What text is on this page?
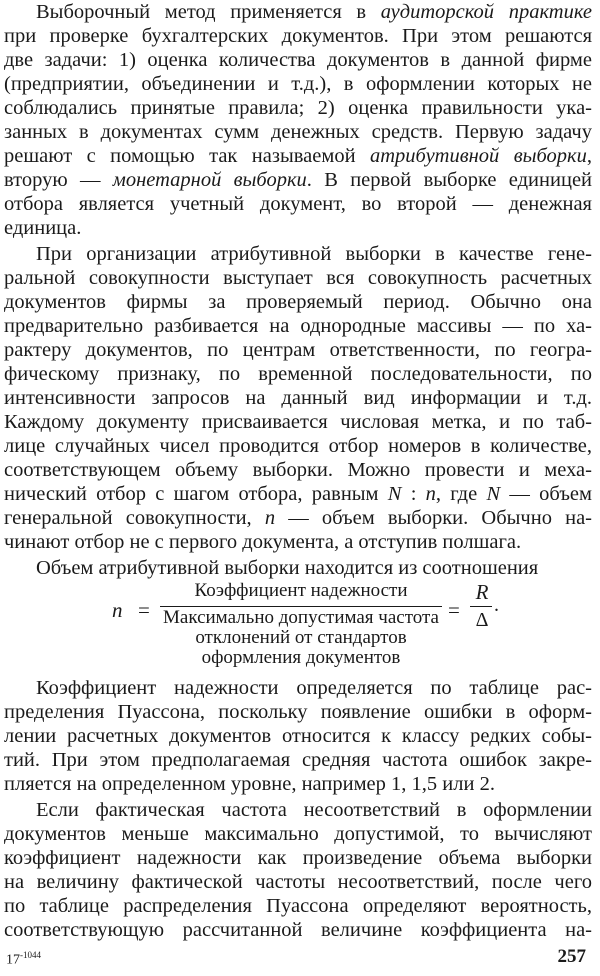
Выборочный метод применяется в аудиторской практике
при проверке бухгалтерских документов. При этом решаются
две задачи: 1) оценка количества документов в данной фирме
(предприятии, объединении и т.д.), в оформлении которых не
соблюдались принятые правила; 2) оценка правильности ука-
занных в документах сумм денежных средств. Первую задачу
решают с помощью так называемой атрибутивной выборки,
вторую — монетарной выборки. В первой выборке единицей
отбора является учетный документ, во второй — денежная
единица.
При организации атрибутивной выборки в качестве гене-
ральной совокупности выступает вся совокупность расчетных
документов фирмы за проверяемый период. Обычно она
предварительно разбивается на однородные массивы — по ха-
рактеру документов, по центрам ответственности, по геогра-
фическому признаку, по временной последовательности, по
интенсивности запросов на данный вид информации и т.д.
Каждому документу присваивается числовая метка, и по таб-
лице случайных чисел проводится отбор номеров в количестве,
соответствующем объему выборки. Можно провести и меха-
нический отбор с шагом отбора, равным N : n, где N — объем
генеральной совокупности, n — объем выборки. Обычно на-
чинают отбор не с первого документа, а отступив полшага.
Объем атрибутивной выборки находится из соотношения
n =
Коэффициент надежности
Максимально допустимая частота
отклонений от стандартов
оформления документов
=
R
Δ
.
Коэффициент надежности определяется по таблице рас-
пределения Пуассона, поскольку появление ошибки в оформ-
лении расчетных документов относится к классу редких собы-
тий. При этом предполагаемая средняя частота ошибок закре-
пляется на определенном уровне, например 1, 1,5 или 2.
Если фактическая частота несоответствий в оформлении
документов меньше максимально допустимой, то вычисляют
коэффициент надежности как произведение объема выборки
на величину фактической частоты несоответствий, после чего
по таблице распределения Пуассона определяют вероятность,
соответствующую рассчитанной величине коэффициента на-
$17^{-1044}$	257
